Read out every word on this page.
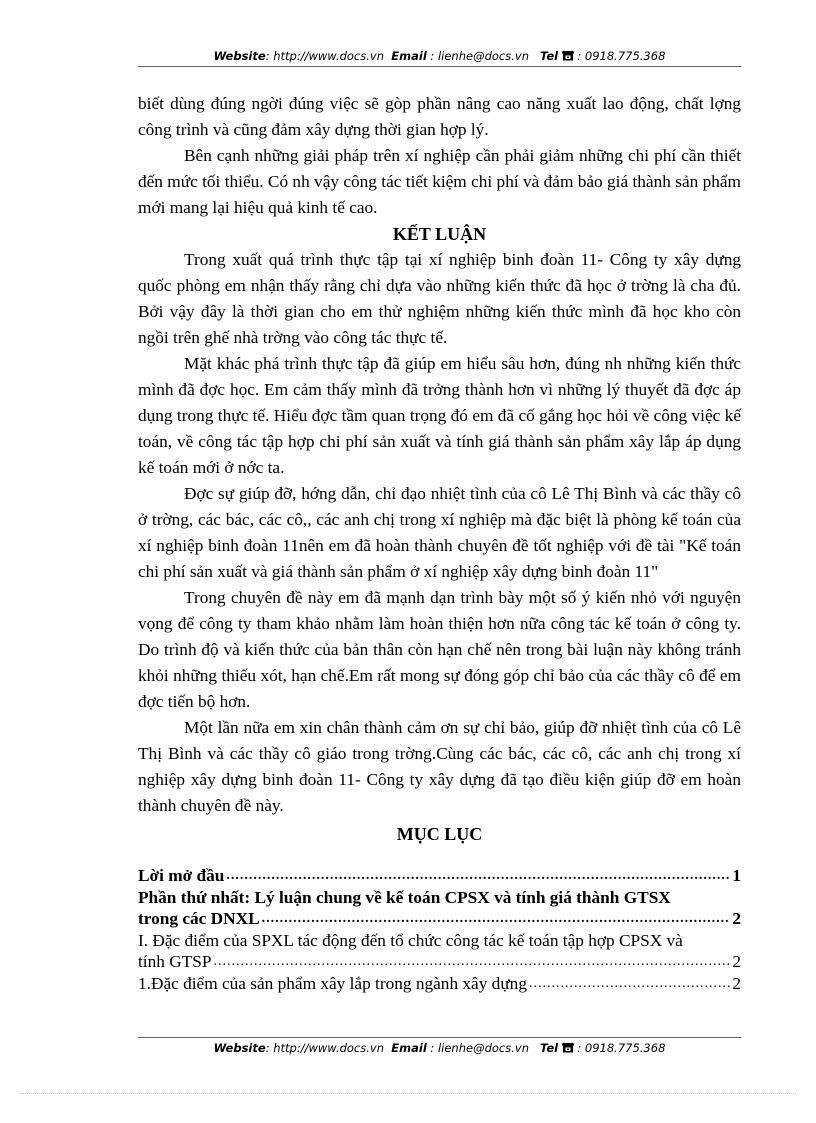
Website: http://www.docs.vn Email : lienhe@docs.vn Tel : 0918.775.368

biết dùng đúng ngời đúng việc sẽ gòp phần nâng cao năng xuất lao động, chất lợng công trình và cũng đảm xây dựng thời gian hợp lý.

Bên cạnh những giải pháp trên xí nghiệp cần phải giảm những chi phí cần thiết đến mức tối thiểu. Có nh vậy công tác tiết kiệm chi phí và đảm bảo giá thành sản phẩm mới mang lại hiệu quả kinh tế cao.

KẾT LUẬN

Trong xuất quá trình thực tập tại xí nghiệp binh đoàn 11- Công ty xây dựng quốc phòng em nhận thấy rằng chỉ dựa vào những kiến thức đã học ở trờng là cha đủ. Bởi vậy đây là thời gian cho em thử nghiệm những kiến thức mình đã học kho còn ngồi trên ghế nhà trờng vào công tác thực tế.

Mặt khác phá trình thực tập đã giúp em hiểu sâu hơn, đúng nh những kiến thức mình đã đợc học. Em cảm thấy mình đã trởng thành hơn vì những lý thuyết đã đợc áp dụng trong thực tế. Hiểu đợc tầm quan trọng đó em đã cố gắng học hỏi về công việc kế toán, về công tác tập hợp chi phí sản xuất và tính giá thành sản phẩm xây lắp áp dụng kế toán mới ở nớc ta.

Đợc sự giúp đỡ, hớng dẫn, chỉ đạo nhiệt tình của cô Lê Thị Bình và các thầy cô ở trờng, các bác, các cô,, các anh chị trong xí nghiệp mà đặc biệt là phòng kế toán của xí nghiệp binh đoàn 11nên em đã hoàn thành chuyên đề tốt nghiệp với đề tài "Kế toán chi phí sản xuất và giá thành sản phẩm ở xí nghiệp xây dựng binh đoàn 11"

Trong chuyên đề này em đã mạnh dạn trình bày một số ý kiến nhỏ với nguyện vọng để công ty tham khảo nhằm làm hoàn thiện hơn nữa công tác kế toán ở công ty. Do trình độ và kiến thức của bản thân còn hạn chế nên trong bài luận này không tránh khỏi những thiếu xót, hạn chế.Em rất mong sự đóng góp chỉ bảo của các thầy cô để em đợc tiến bộ hơn.

Một lần nữa em xin chân thành cảm ơn sự chỉ bảo, giúp đỡ nhiệt tình của cô Lê Thị Bình và các thầy cô giáo trong trờng.Cùng các bác, các cô, các anh chị trong xí nghiệp xây dựng binh đoàn 11- Công ty xây dựng đã tạo điều kiện giúp đỡ em hoàn thành chuyên đề này.

MỤC LỤC

Lời mở đầu .....	1
Phần thứ nhất: Lý luận chung về kế toán CPSX và tính giá thành GTSX
trong các DNXL .....	2
I. Đặc điểm của SPXL tác động đến tổ chức công tác kế toán tập hợp CPSX và
tính GTSP .....	2
1.Đặc điểm của sản phẩm xây lắp trong ngành xây dựng .....	2
Website: http://www.docs.vn Email : lienhe@docs.vn Tel : 0918.775.368
